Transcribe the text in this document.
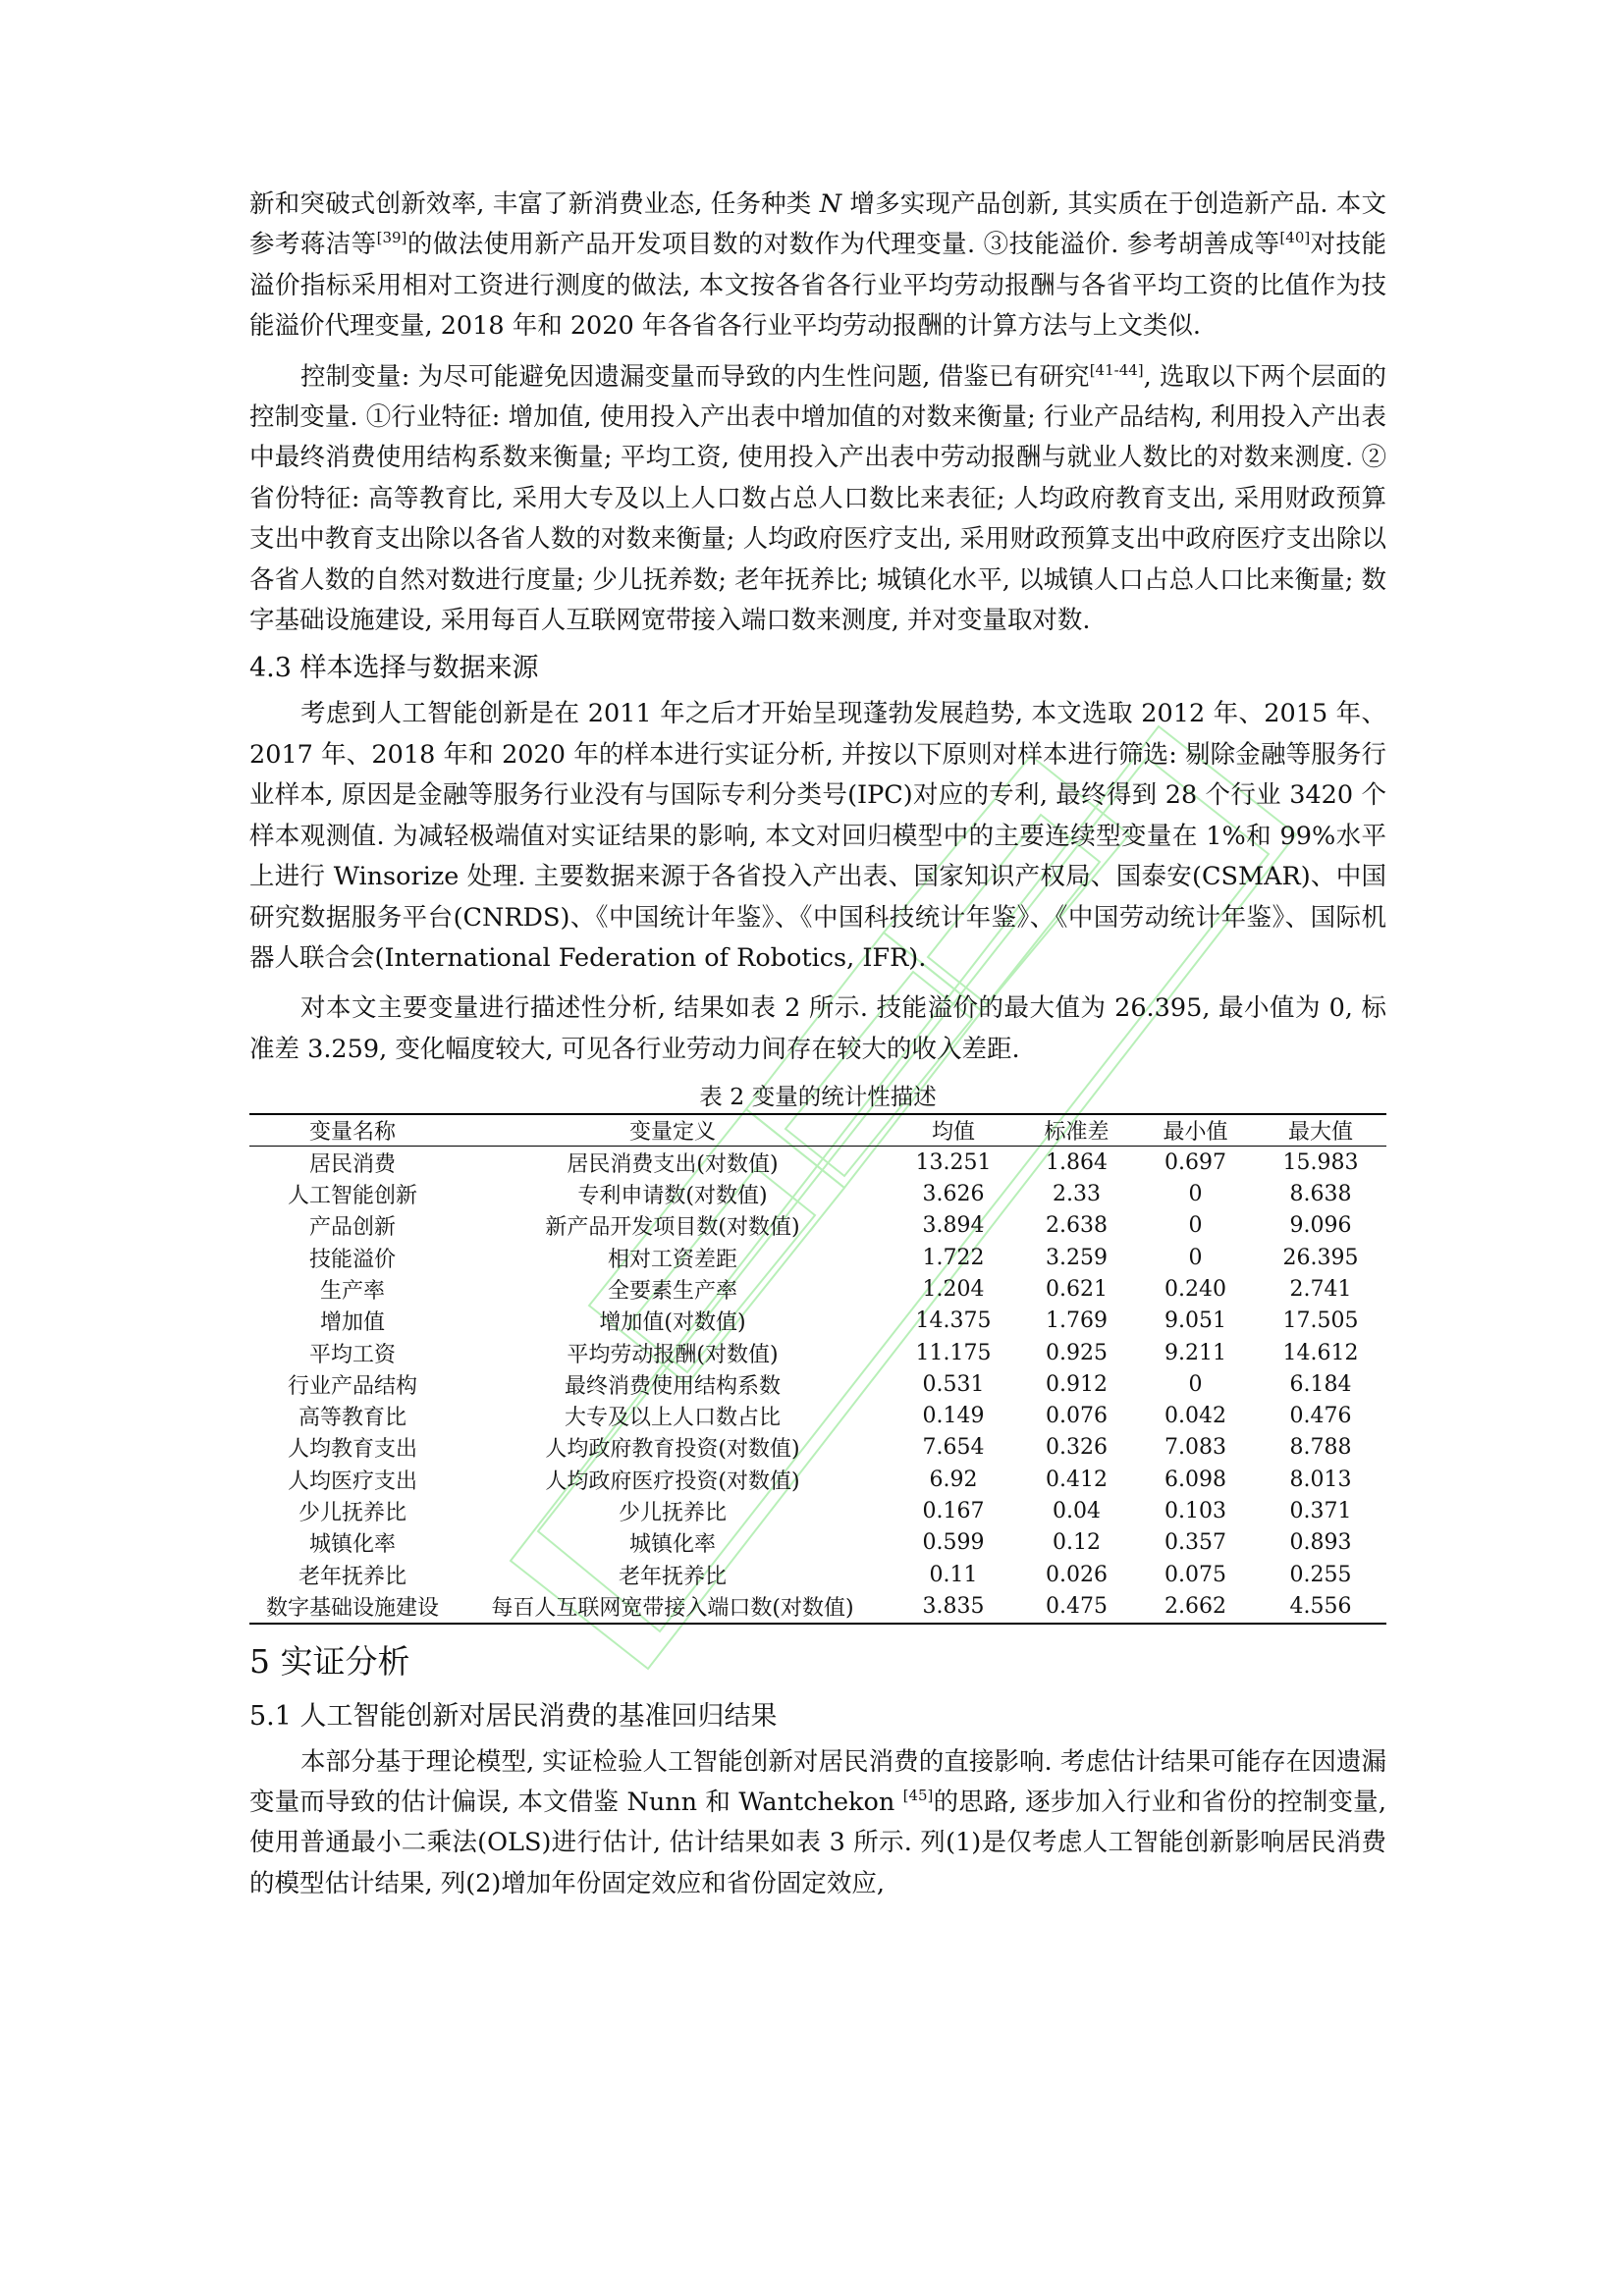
新和突破式创新效率, 丰富了新消费业态, 任务种类 N 增多实现产品创新, 其实质在于创造新产品. 本文参考蒋洁等[39]的做法使用新产品开发项目数的对数作为代理变量. ③技能溢价. 参考胡善成等[40]对技能溢价指标采用相对工资进行测度的做法, 本文按各省各行业平均劳动报酬与各省平均工资的比值作为技能溢价代理变量, 2018 年和 2020 年各省各行业平均劳动报酬的计算方法与上文类似.

控制变量: 为尽可能避免因遗漏变量而导致的内生性问题, 借鉴已有研究[41-44], 选取以下两个层面的控制变量. ①行业特征: 增加值, 使用投入产出表中增加值的对数来衡量; 行业产品结构, 利用投入产出表中最终消费使用结构系数来衡量; 平均工资, 使用投入产出表中劳动报酬与就业人数比的对数来测度. ②省份特征: 高等教育比, 采用大专及以上人口数占总人口数比来表征; 人均政府教育支出, 采用财政预算支出中教育支出除以各省人数的对数来衡量; 人均政府医疗支出, 采用财政预算支出中政府医疗支出除以各省人数的自然对数进行度量; 少儿抚养数; 老年抚养比; 城镇化水平, 以城镇人口占总人口比来衡量; 数字基础设施建设, 采用每百人互联网宽带接入端口数来测度, 并对变量取对数.

4.3 样本选择与数据来源

考虑到人工智能创新是在 2011 年之后才开始呈现蓬勃发展趋势, 本文选取 2012 年、2015 年、2017 年、2018 年和 2020 年的样本进行实证分析, 并按以下原则对样本进行筛选: 剔除金融等服务行业样本, 原因是金融等服务行业没有与国际专利分类号(IPC)对应的专利, 最终得到 28 个行业 3420 个样本观测值. 为减轻极端值对实证结果的影响, 本文对回归模型中的主要连续型变量在 1%和 99%水平上进行 Winsorize 处理. 主要数据来源于各省投入产出表、国家知识产权局、国泰安(CSMAR)、中国研究数据服务平台(CNRDS)、《中国统计年鉴》、《中国科技统计年鉴》、《中国劳动统计年鉴》、国际机器人联合会(International Federation of Robotics, IFR).

对本文主要变量进行描述性分析, 结果如表 2 所示. 技能溢价的最大值为 26.395, 最小值为 0, 标准差 3.259, 变化幅度较大, 可见各行业劳动力间存在较大的收入差距.

表 2 变量的统计性描述
变量名称	变量定义	均值	标准差	最小值	最大值
居民消费	居民消费支出(对数值)	13.251	1.864	0.697	15.983
人工智能创新	专利申请数(对数值)	3.626	2.33	0	8.638
产品创新	新产品开发项目数(对数值)	3.894	2.638	0	9.096
技能溢价	相对工资差距	1.722	3.259	0	26.395
生产率	全要素生产率	1.204	0.621	0.240	2.741
增加值	增加值(对数值)	14.375	1.769	9.051	17.505
平均工资	平均劳动报酬(对数值)	11.175	0.925	9.211	14.612
行业产品结构	最终消费使用结构系数	0.531	0.912	0	6.184
高等教育比	大专及以上人口数占比	0.149	0.076	0.042	0.476
人均教育支出	人均政府教育投资(对数值)	7.654	0.326	7.083	8.788
人均医疗支出	人均政府医疗投资(对数值)	6.92	0.412	6.098	8.013
少儿抚养比	少儿抚养比	0.167	0.04	0.103	0.371
城镇化率	城镇化率	0.599	0.12	0.357	0.893
老年抚养比	老年抚养比	0.11	0.026	0.075	0.255
数字基础设施建设	每百人互联网宽带接入端口数(对数值)	3.835	0.475	2.662	4.556
5 实证分析
5.1 人工智能创新对居民消费的基准回归结果

本部分基于理论模型, 实证检验人工智能创新对居民消费的直接影响. 考虑估计结果可能存在因遗漏变量而导致的估计偏误, 本文借鉴 Nunn 和 Wantchekon [45]的思路, 逐步加入行业和省份的控制变量, 使用普通最小二乘法(OLS)进行估计, 估计结果如表 3 所示. 列(1)是仅考虑人工智能创新影响居民消费的模型估计结果, 列(2)增加年份固定效应和省份固定效应,
